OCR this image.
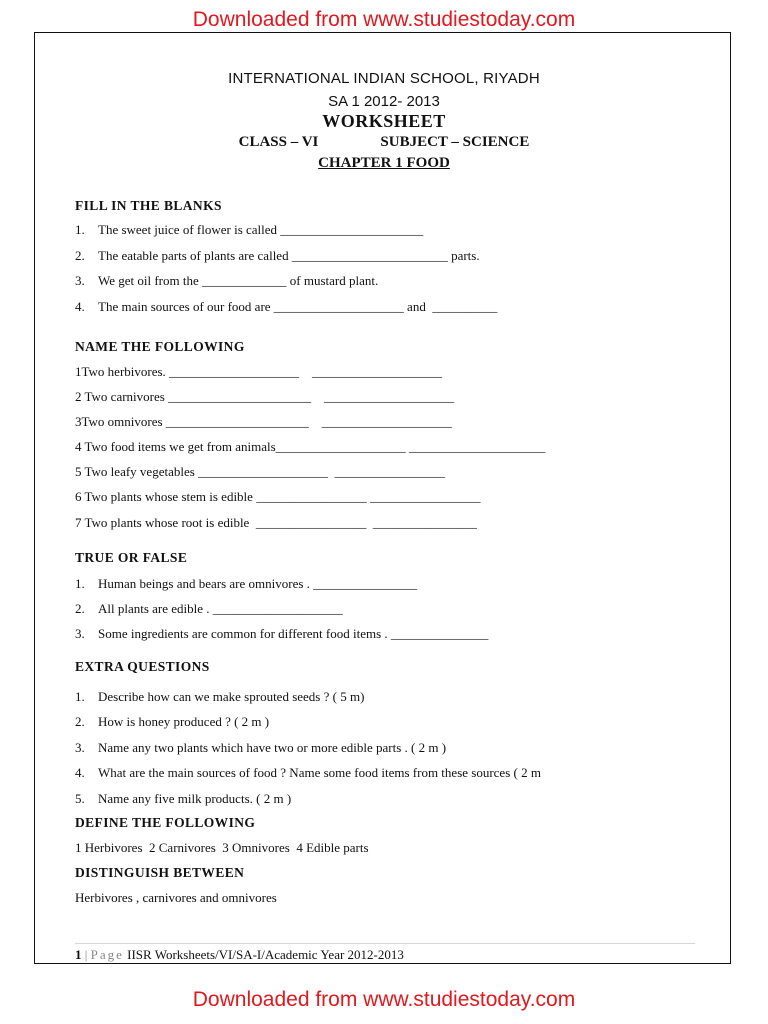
Downloaded from www.studiestoday.com
INTERNATIONAL INDIAN SCHOOL, RIYADH
SA 1 2012- 2013
WORKSHEET
CLASS – VI	SUBJECT – SCIENCE
CHAPTER 1 FOOD
FILL IN THE BLANKS
1. The sweet juice of flower is called ______________________
2. The eatable parts of plants are called ________________________ parts.
3. We get oil from the _____________ of mustard plant.
4. The main sources of our food are ____________________ and  __________
NAME THE FOLLOWING
1Two herbivores. ____________________    ____________________
2 Two carnivores ______________________    ____________________
3Two omnivores ______________________    ____________________
4 Two food items we get from animals____________________ _____________________
5 Two leafy vegetables ____________________  _________________
6 Two plants whose stem is edible _________________ _________________
7 Two plants whose root is edible  _________________  ________________
TRUE OR FALSE
1. Human beings and bears are omnivores . ________________
2. All plants are edible . ____________________
3. Some ingredients are common for different food items . _______________
EXTRA QUESTIONS
1. Describe how can we make sprouted seeds ? ( 5 m)
2. How is honey produced ? ( 2 m )
3. Name any two plants which have two or more edible parts . ( 2 m )
4. What are the main sources of food ? Name some food items from these sources ( 2 m
5. Name any five milk products. ( 2 m )
DEFINE THE FOLLOWING
1 Herbivores  2 Carnivores  3 Omnivores  4 Edible parts
DISTINGUISH BETWEEN
Herbivores , carnivores and omnivores
1 | Page IISR Worksheets/VI/SA-I/Academic Year 2012-2013
Downloaded from www.studiestoday.com
